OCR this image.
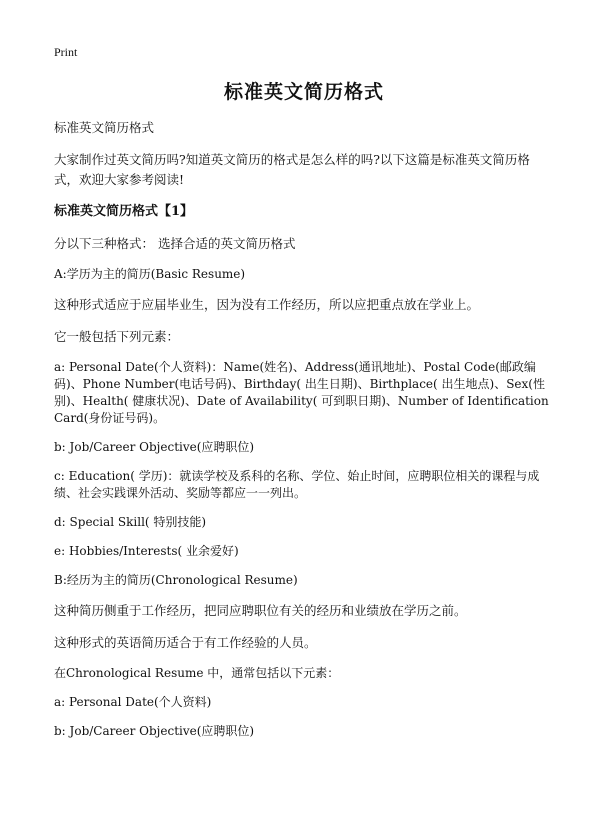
Print
标准英文简历格式
标准英文简历格式
大家制作过英文简历吗?知道英文简历的格式是怎么样的吗?以下这篇是标准英文简历格式，欢迎大家参考阅读!
标准英文简历格式【1】
分以下三种格式： 选择合适的英文简历格式
A:学历为主的简历(Basic Resume)
这种形式适应于应届毕业生，因为没有工作经历，所以应把重点放在学业上。
它一般包括下列元素：
a: Personal Date(个人资料)：Name(姓名)、Address(通讯地址)、Postal Code(邮政编码)、Phone Number(电话号码)、Birthday( 出生日期)、Birthplace( 出生地点)、Sex(性别)、Health( 健康状况)、Date of Availability( 可到职日期)、Number of Identification Card(身份证号码)。
b: Job/Career Objective(应聘职位)
c: Education( 学历)：就读学校及系科的名称、学位、始止时间，应聘职位相关的课程与成绩、社会实践课外活动、奖励等都应一一列出。
d: Special Skill( 特别技能)
e: Hobbies/Interests( 业余爱好)
B:经历为主的简历(Chronological Resume)
这种简历侧重于工作经历，把同应聘职位有关的经历和业绩放在学历之前。
这种形式的英语简历适合于有工作经验的人员。
在Chronological Resume 中，通常包括以下元素：
a: Personal Date(个人资料)
b: Job/Career Objective(应聘职位)
